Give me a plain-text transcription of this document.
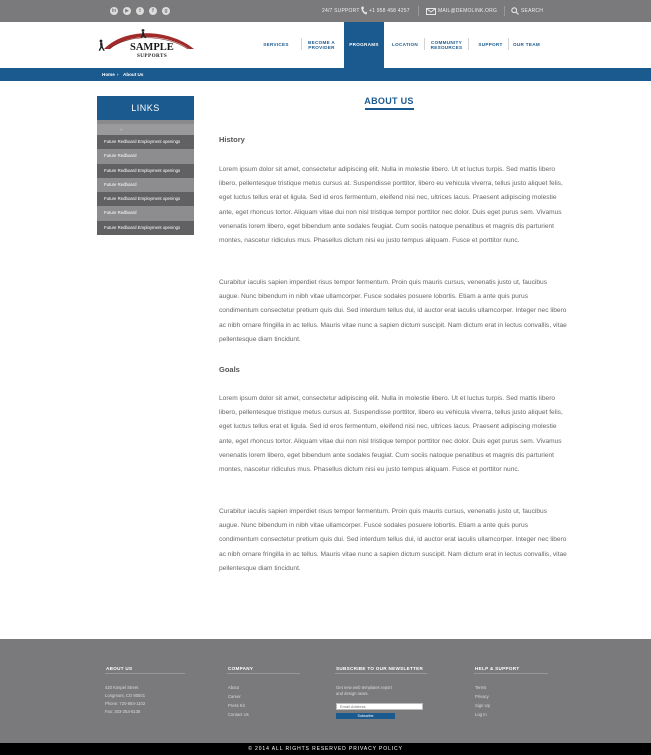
in	▶	t	f	g	24/7 SUPPORT +1 958 458 4257	MAIL@DEMOLINK.ORG	SEARCH
SAMPLE
SUPPORTS
SERVICES
BECOME A PROVIDER
PROGRAMS	LOCATION
COMMUNITY RESOURCES
SUPPORT OUR TEAM
Home › About Us
LINKS
«
Future Redboard Employment openings
Future Redboard
Future Redboard Employment openings
Future Redboard
Future Redboard Employment openings
Future Redboard
Future Redboard Employment openings
ABOUT US
History

Lorem ipsum dolor sit amet, consectetur adipiscing elit. Nulla in molestie libero. Ut et luctus turpis. Sed mattis libero libero, pellentesque tristique metus cursus at. Suspendisse porttitor, libero eu vehicula viverra, tellus justo aliquet felis, eget luctus tellus erat et ligula. Sed id eros fermentum, eleifend nisi nec, ultrices lacus. Praesent adipiscing molestie ante, eget rhoncus tortor. Aliquam vitae dui non nisl tristique tempor porttitor nec dolor. Duis eget purus sem. Vivamus venenatis lorem libero, eget bibendum ante sodales feugiat. Cum sociis natoque penatibus et magnis dis parturient montes, nascetur ridiculus mus. Phasellus dictum nisi eu justo tempus aliquam. Fusce et porttitor nunc.

Curabitur iaculis sapien imperdiet risus tempor fermentum. Proin quis mauris cursus, venenatis justo ut, faucibus augue. Nunc bibendum in nibh vitae ullamcorper. Fusce sodales posuere lobortis. Etiam a ante quis purus condimentum consectetur pretium quis dui. Sed interdum tellus dui, id auctor erat iaculis ullamcorper. Integer nec libero ac nibh ornare fringilla in ac tellus. Mauris vitae nunc a sapien dictum suscipit. Nam dictum erat in lectus convallis, vitae pellentesque diam tincidunt.

Goals

Lorem ipsum dolor sit amet, consectetur adipiscing elit. Nulla in molestie libero. Ut et luctus turpis. Sed mattis libero libero, pellentesque tristique metus cursus at. Suspendisse porttitor, libero eu vehicula viverra, tellus justo aliquet felis, eget luctus tellus erat et ligula. Sed id eros fermentum, eleifend nisi nec, ultrices lacus. Praesent adipiscing molestie ante, eget rhoncus tortor. Aliquam vitae dui non nisl tristique tempor porttitor nec dolor. Duis eget purus sem. Vivamus venenatis lorem libero, eget bibendum ante sodales feugiat. Cum sociis natoque penatibus et magnis dis parturient montes, nascetur ridiculus mus. Phasellus dictum nisi eu justo tempus aliquam. Fusce et porttitor nunc.

Curabitur iaculis sapien imperdiet risus tempor fermentum. Proin quis mauris cursus, venenatis justo ut, faucibus augue. Nunc bibendum in nibh vitae ullamcorper. Fusce sodales posuere lobortis. Etiam a ante quis purus condimentum consectetur pretium quis dui. Sed interdum tellus dui, id auctor erat iaculis ullamcorper. Integer nec libero ac nibh ornare fringilla in ac tellus. Mauris vitae nunc a sapien dictum suscipit. Nam dictum erat in lectus convallis, vitae pellentesque diam tincidunt.

ABOUT US
420 Kimpel Street
Longmont, CO 80501
Phone: 720-684-1102
Fax: 303-253-8136
COMPANY
About
Career
Press Kit
Contact Us
SUBSCRIBE TO OUR NEWSLETTER
Get new web templates report
and design news.
Email Address
Subscribe
HELP & SUPPORT
Terms
Privacy
Sign Up
Log In
© 2014 ALL RIGHTS RESERVED PRIVACY POLICY
